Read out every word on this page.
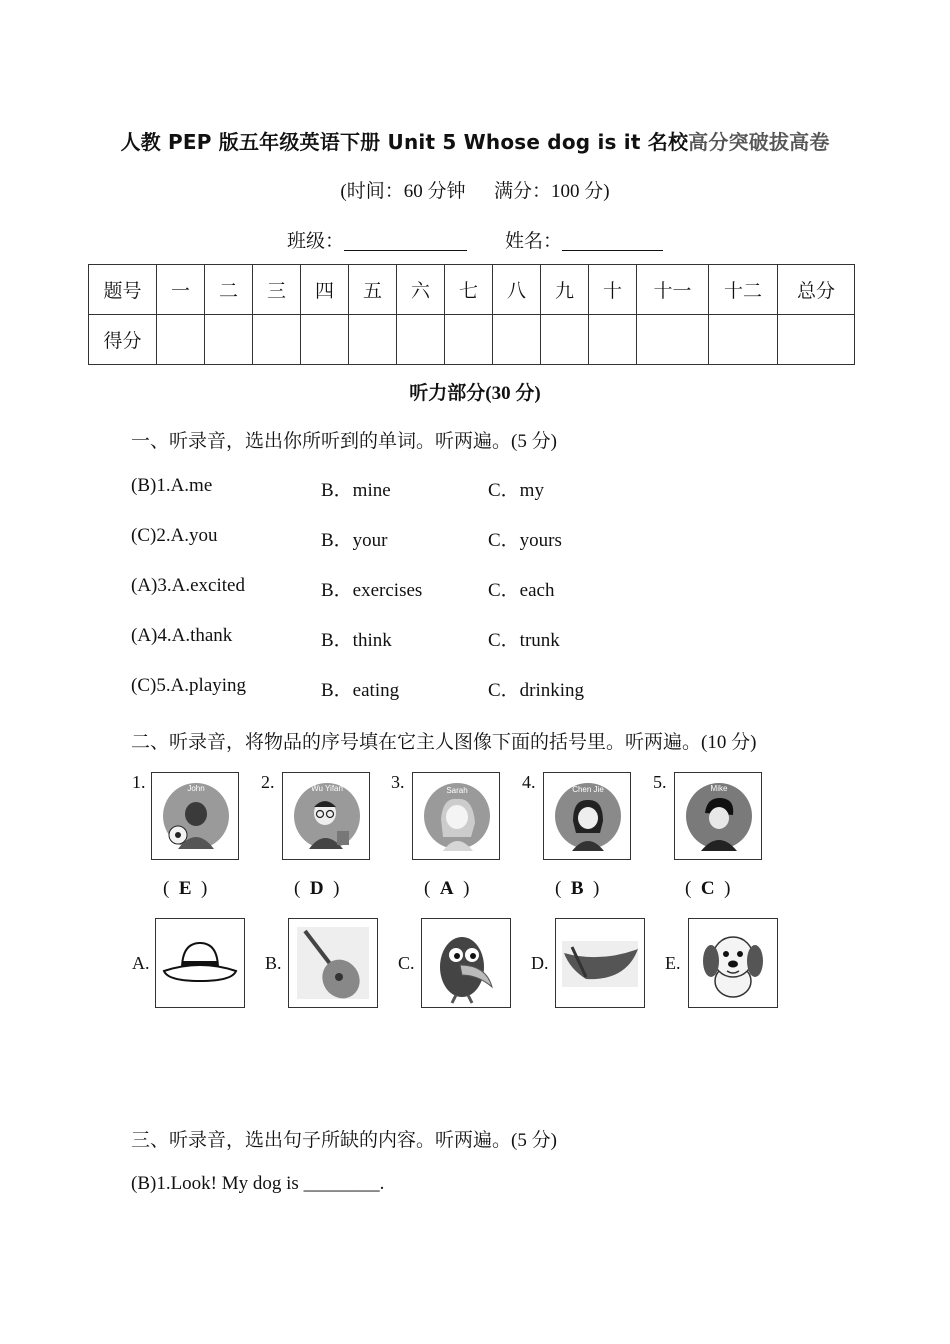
人教 PEP 版五年级英语下册 Unit 5 Whose dog is it 名校高分突破拔高卷
(时间：60 分钟      满分：100 分)
班级：	姓名：
题号	一	二	三	四	五	六	七	八	九	十	十一	十二	总分
得分													
听力部分(30 分)
一、听录音，选出你所听到的单词。听两遍。(5 分)
(B)1.A.me	B．mine	C．my
(C)2.A.you	B．your	C．yours
(A)3.A.excited	B．exercises	C．each
(A)4.A.thank	B．think	C．trunk
(C)5.A.playing	B．eating	C．drinking
二、听录音，将物品的序号填在它主人图像下面的括号里。听两遍。(10 分)
1.	John
(  E  )
2.	Wu Yifan
(  D  )
3.	Sarah
(  A  )
4.	Chen Jie
(  B  )
5.	Mike
(  C  )
A.	B.	C.	D.	E.
三、听录音，选出句子所缺的内容。听两遍。(5 分)
(B)1.Look! My dog is ________.
